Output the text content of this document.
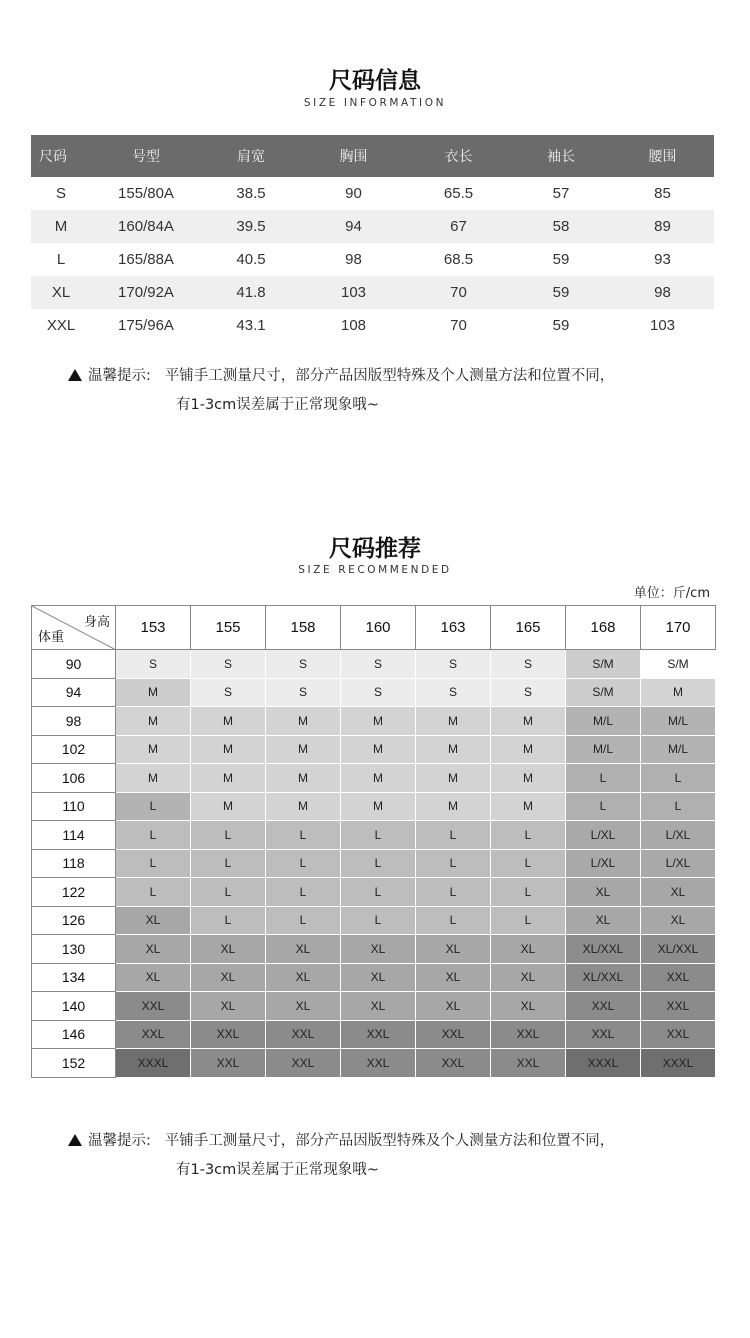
尺码信息
SIZE INFORMATION
尺码	号型	肩宽	胸围	衣长	袖长	腰围
S	155/80A	38.5	90	65.5	57	85
M	160/84A	39.5	94	67	58	89
L	165/88A	40.5	98	68.5	59	93
XL	170/92A	41.8	103	70	59	98
XXL	175/96A	43.1	108	70	59	103
温馨提示: 平铺手工测量尺寸，部分产品因版型特殊及个人测量方法和位置不同，
有1-3cm误差属于正常现象哦~
尺码推荐
SIZE RECOMMENDED
单位：斤/cm
身高
体重	153	155	158	160	163	165	168	170
90	S	S	S	S	S	S	S/M	S/M
94	M	S	S	S	S	S	S/M	M
98	M	M	M	M	M	M	M/L	M/L
102	M	M	M	M	M	M	M/L	M/L
106	M	M	M	M	M	M	L	L
110	L	M	M	M	M	M	L	L
114	L	L	L	L	L	L	L/XL	L/XL
118	L	L	L	L	L	L	L/XL	L/XL
122	L	L	L	L	L	L	XL	XL
126	XL	L	L	L	L	L	XL	XL
130	XL	XL	XL	XL	XL	XL	XL/XXL	XL/XXL
134	XL	XL	XL	XL	XL	XL	XL/XXL	XXL
140	XXL	XL	XL	XL	XL	XL	XXL	XXL
146	XXL	XXL	XXL	XXL	XXL	XXL	XXL	XXL
152	XXXL	XXL	XXL	XXL	XXL	XXL	XXXL	XXXL
温馨提示: 平铺手工测量尺寸，部分产品因版型特殊及个人测量方法和位置不同，
有1-3cm误差属于正常现象哦~
